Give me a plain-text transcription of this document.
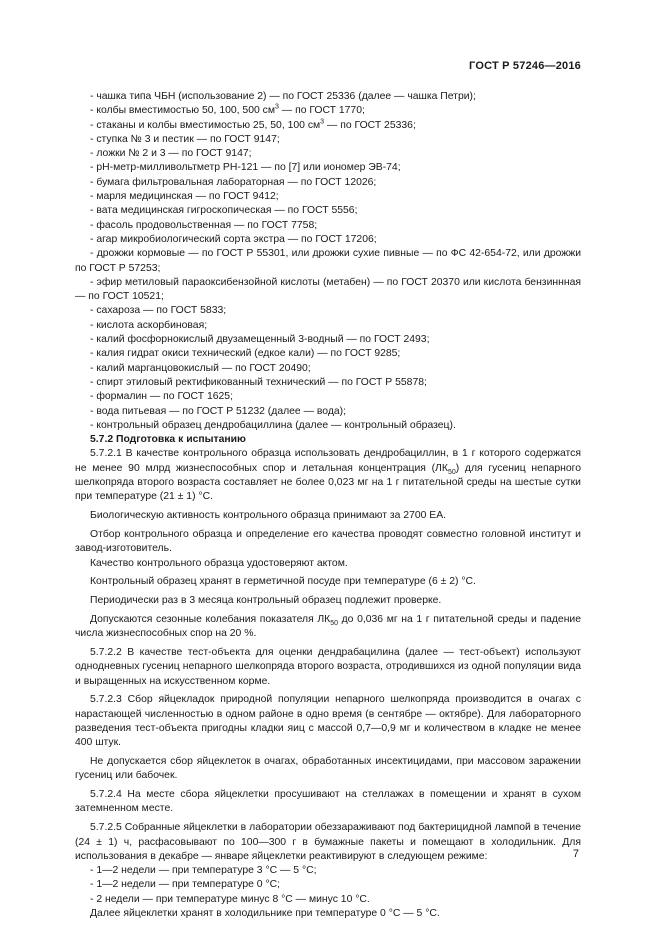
ГОСТ Р 57246—2016

- чашка типа ЧБН (использование 2) — по ГОСТ 25336 (далее — чашка Петри);

- колбы вместимостью 50, 100, 500 $см^3$ — по ГОСТ 1770;

- стаканы и колбы вместимостью 25, 50, 100 $см^3$ — по ГОСТ 25336;

- ступка № 3 и пестик — по ГОСТ 9147;

- ложки № 2 и 3 — по ГОСТ 9147;

- рН-метр-милливольтметр РН-121 — по [7] или иономер ЭВ-74;

- бумага фильтровальная лабораторная — по ГОСТ 12026;

- марля медицинская — по ГОСТ 9412;

- вата медицинская гигроскопическая — по ГОСТ 5556;

- фасоль продовольственная — по ГОСТ 7758;

- агар микробиологический сорта экстра — по ГОСТ 17206;

- дрожжи кормовые — по ГОСТ Р 55301, или дрожжи сухие пивные — по ФС 42-654-72, или дрожжи по ГОСТ Р 57253;

- эфир метиловый параоксибензойной кислоты (метабен) — по ГОСТ 20370 или кислота бензиннная — по ГОСТ 10521;

- сахароза — по ГОСТ 5833;

- кислота аскорбиновая;

- калий фосфорнокислый двузамещенный 3-водный — по ГОСТ 2493;

- калия гидрат окиси технический (едкое кали) — по ГОСТ 9285;

- калий марганцовокислый — по ГОСТ 20490;

- спирт этиловый ректификованный технический — по ГОСТ Р 55878;

- формалин — по ГОСТ 1625;

- вода питьевая — по ГОСТ Р 51232 (далее — вода);

- контрольный образец дендробациллина (далее — контрольный образец).

5.7.2 Подготовка к испытанию

5.7.2.1 В качестве контрольного образца использовать дендробациллин, в 1 г которого содержатся не менее 90 млрд жизнеспособных спор и летальная концентрация $(ЛК_{50})$ для гусениц непарного шелкопряда второго возраста составляет не более 0,023 мг на 1 г питательной среды на шестые сутки при температуре (21 ± 1) °С.

Биологическую активность контрольного образца принимают за 2700 ЕА.

Отбор контрольного образца и определение его качества проводят совместно головной институт и завод-изготовитель.

Качество контрольного образца удостоверяют актом.

Контрольный образец хранят в герметичной посуде при температуре (6 ± 2) °С.

Периодически раз в 3 месяца контрольный образец подлежит проверке.

Допускаются сезонные колебания показателя $ЛК_{50}$ до 0,036 мг на 1 г питательной среды и падение числа жизнеспособных спор на 20 %.

5.7.2.2 В качестве тест-объекта для оценки дендрабацилина (далее — тест-объект) используют однодневных гусениц непарного шелкопряда второго возраста, отродившихся из одной популяции вида и выращенных на искусственном корме.

5.7.2.3 Сбор яйцекладок природной популяции непарного шелкопряда производится в очагах с нарастающей численностью в одном районе в одно время (в сентябре — октябре). Для лабораторного разведения тест-объекта пригодны кладки яиц с массой 0,7—0,9 мг и количеством в кладке не менее 400 штук.

Не допускается сбор яйцеклеток в очагах, обработанных инсектицидами, при массовом заражении гусениц или бабочек.

5.7.2.4 На месте сбора яйцеклетки просушивают на стеллажах в помещении и хранят в сухом затемненном месте.

5.7.2.5 Собранные яйцеклетки в лаборатории обеззараживают под бактерицидной лампой в течение (24 ± 1) ч, расфасовывают по 100—300 г в бумажные пакеты и помещают в холодильник. Для использования в декабре — январе яйцеклетки реактивируют в следующем режиме:

- 1—2 недели — при температуре 3 °С — 5 °С;

- 1—2 недели — при температуре 0 °С;

- 2 недели — при температуре минус 8 °С — минус 10 °С.

Далее яйцеклетки хранят в холодильнике при температуре 0 °С — 5 °С.

7
